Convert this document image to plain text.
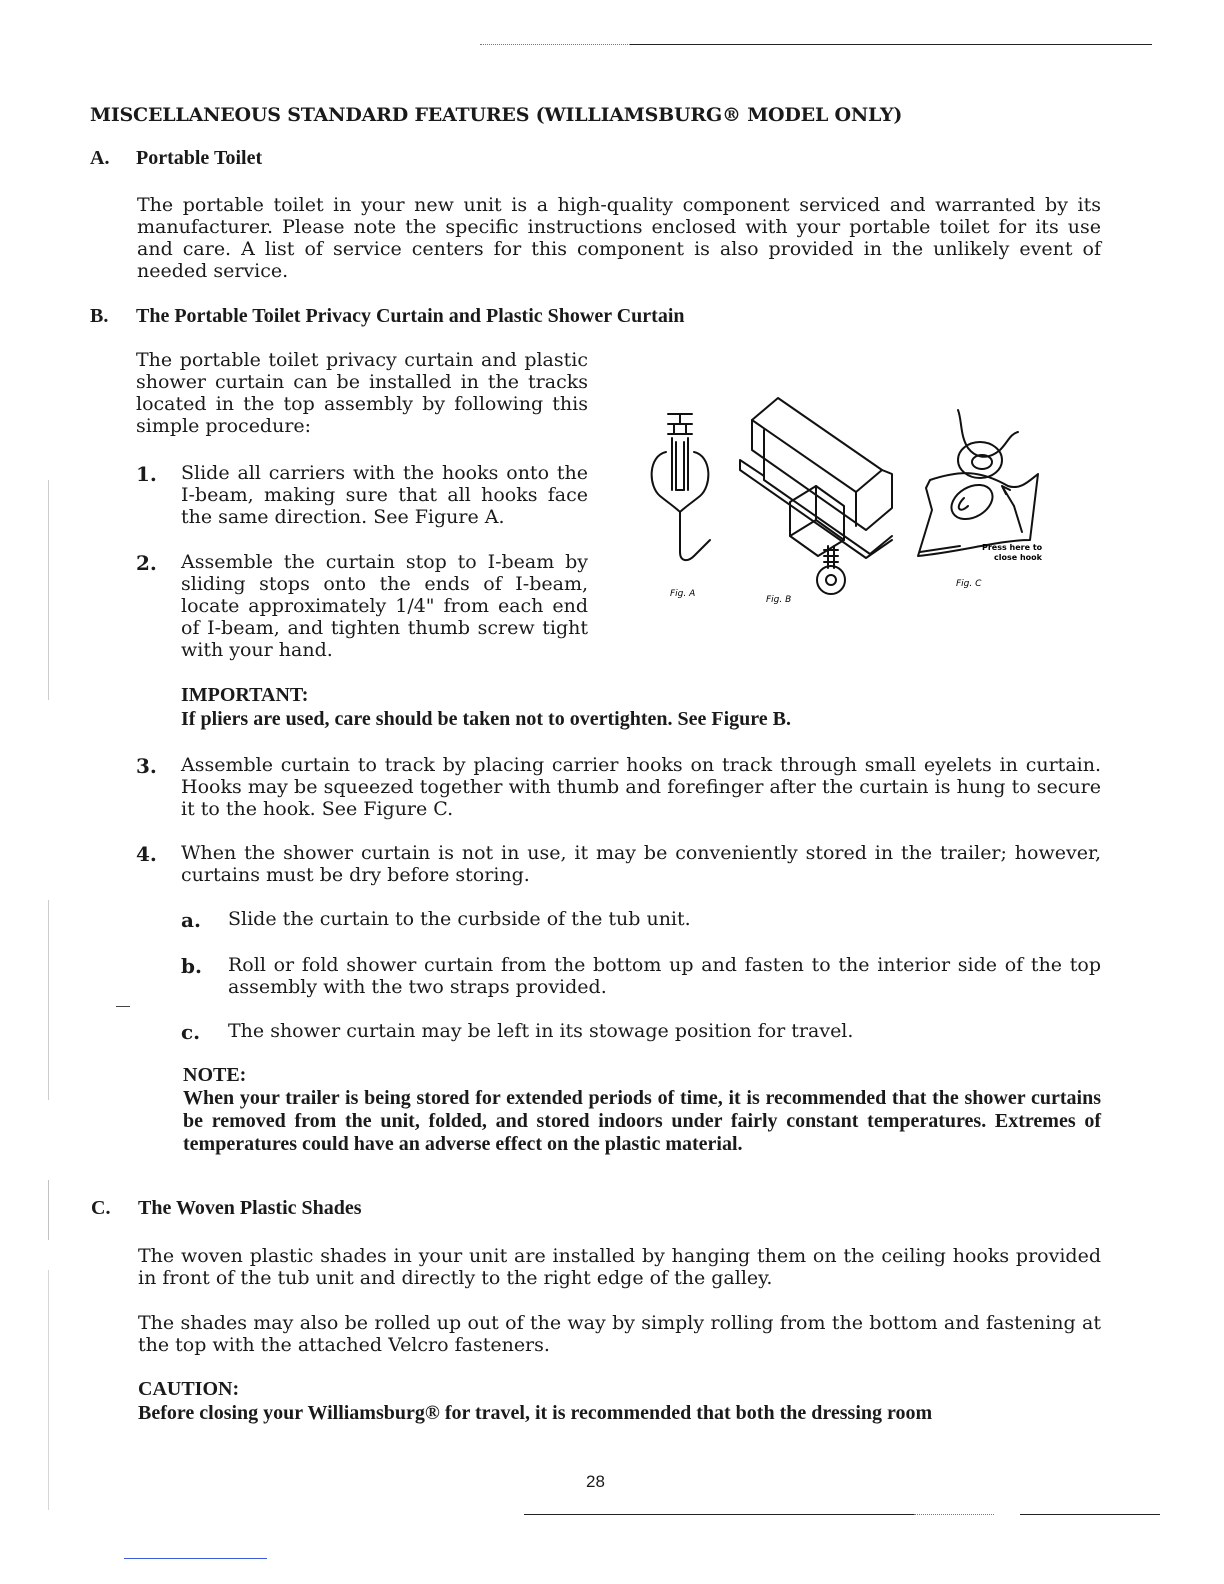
MISCELLANEOUS STANDARD FEATURES (WILLIAMSBURG® MODEL ONLY)
A. Portable Toilet
The portable toilet in your new unit is a high-quality component serviced and warranted by its manufacturer. Please note the specific instructions enclosed with your portable toilet for its use and care. A list of service centers for this component is also provided in the unlikely event of needed service.
B. The Portable Toilet Privacy Curtain and Plastic Shower Curtain
The portable toilet privacy curtain and plastic shower curtain can be installed in the tracks located in the top assembly by following this simple procedure:
1. Slide all carriers with the hooks onto the I-beam, making sure that all hooks face the same direction. See Figure A.
2. Assemble the curtain stop to I-beam by sliding stops onto the ends of I-beam, locate approximately 1/4" from each end of I-beam, and tighten thumb screw tight with your hand.
IMPORTANT:
If pliers are used, care should be taken not to overtighten. See Figure B.
3. Assemble curtain to track by placing carrier hooks on track through small eyelets in curtain. Hooks may be squeezed together with thumb and forefinger after the curtain is hung to secure it to the hook. See Figure C.
4. When the shower curtain is not in use, it may be conveniently stored in the trailer; however, curtains must be dry before storing.
a. Slide the curtain to the curbside of the tub unit.
b. Roll or fold shower curtain from the bottom up and fasten to the interior side of the top assembly with the two straps provided.
c. The shower curtain may be left in its stowage position for travel.
NOTE:
When your trailer is being stored for extended periods of time, it is recommended that the shower curtains be removed from the unit, folded, and stored indoors under fairly constant temperatures. Extremes of temperatures could have an adverse effect on the plastic material.
Fig. A
Fig. B
Fig. C
Press here to
close hook
C. The Woven Plastic Shades
The woven plastic shades in your unit are installed by hanging them on the ceiling hooks provided in front of the tub unit and directly to the right edge of the galley.
The shades may also be rolled up out of the way by simply rolling from the bottom and fastening at the top with the attached Velcro fasteners.
CAUTION:
Before closing your Williamsburg® for travel, it is recommended that both the dressing room
28
